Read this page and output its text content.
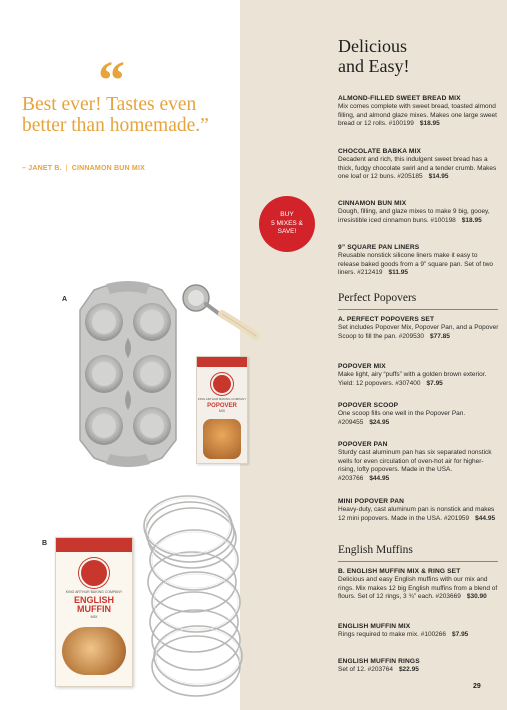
“
Best ever! Tastes even better than homemade.”
– JANET B. | CINNAMON BUN MIX
BUY
5 MIXES &
SAVE!
A
B
KING ARTHUR BAKING COMPANY
POPOVER
MIX
KING ARTHUR BAKING COMPANY
ENGLISH
MUFFIN
MIX
Delicious
and Easy!
ALMOND-FILLED SWEET BREAD MIX
Mix comes complete with sweet bread, toasted almond filling, and almond glaze mixes. Makes one large sweet bread or 12 rolls. #100199 $18.95
CHOCOLATE BABKA MIX
Decadent and rich, this indulgent sweet bread has a thick, fudgy chocolate swirl and a tender crumb. Makes one loaf or 12 buns. #205185 $14.95
CINNAMON BUN MIX
Dough, filling, and glaze mixes to make 9 big, gooey, irresistible iced cinnamon buns. #100198 $18.95
9” SQUARE PAN LINERS
Reusable nonstick silicone liners make it easy to release baked goods from a 9” square pan. Set of two liners. #212419 $11.95
Perfect Popovers
A. PERFECT POPOVERS SET
Set includes Popover Mix, Popover Pan, and a Popover Scoop to fill the pan. #209530 $77.85
POPOVER MIX
Make light, airy “puffs” with a golden brown exterior. Yield: 12 popovers. #307400 $7.95
POPOVER SCOOP
One scoop fills one well in the Popover Pan. #209455 $24.95
POPOVER PAN
Sturdy cast aluminum pan has six separated nonstick wells for even circulation of oven-hot air for higher-rising, lofty popovers. Made in the USA. #203766 $44.95
MINI POPOVER PAN
Heavy-duty, cast aluminum pan is nonstick and makes 12 mini popovers. Made in the USA. #201959 $44.95
English Muffins
B. ENGLISH MUFFIN MIX & RING SET
Delicious and easy English muffins with our mix and rings. Mix makes 12 big English muffins from a blend of flours. Set of 12 rings, 3 ¾” each. #203669 $30.90
ENGLISH MUFFIN MIX
Rings required to make mix. #100266 $7.95
ENGLISH MUFFIN RINGS
Set of 12. #203764 $22.95
29
